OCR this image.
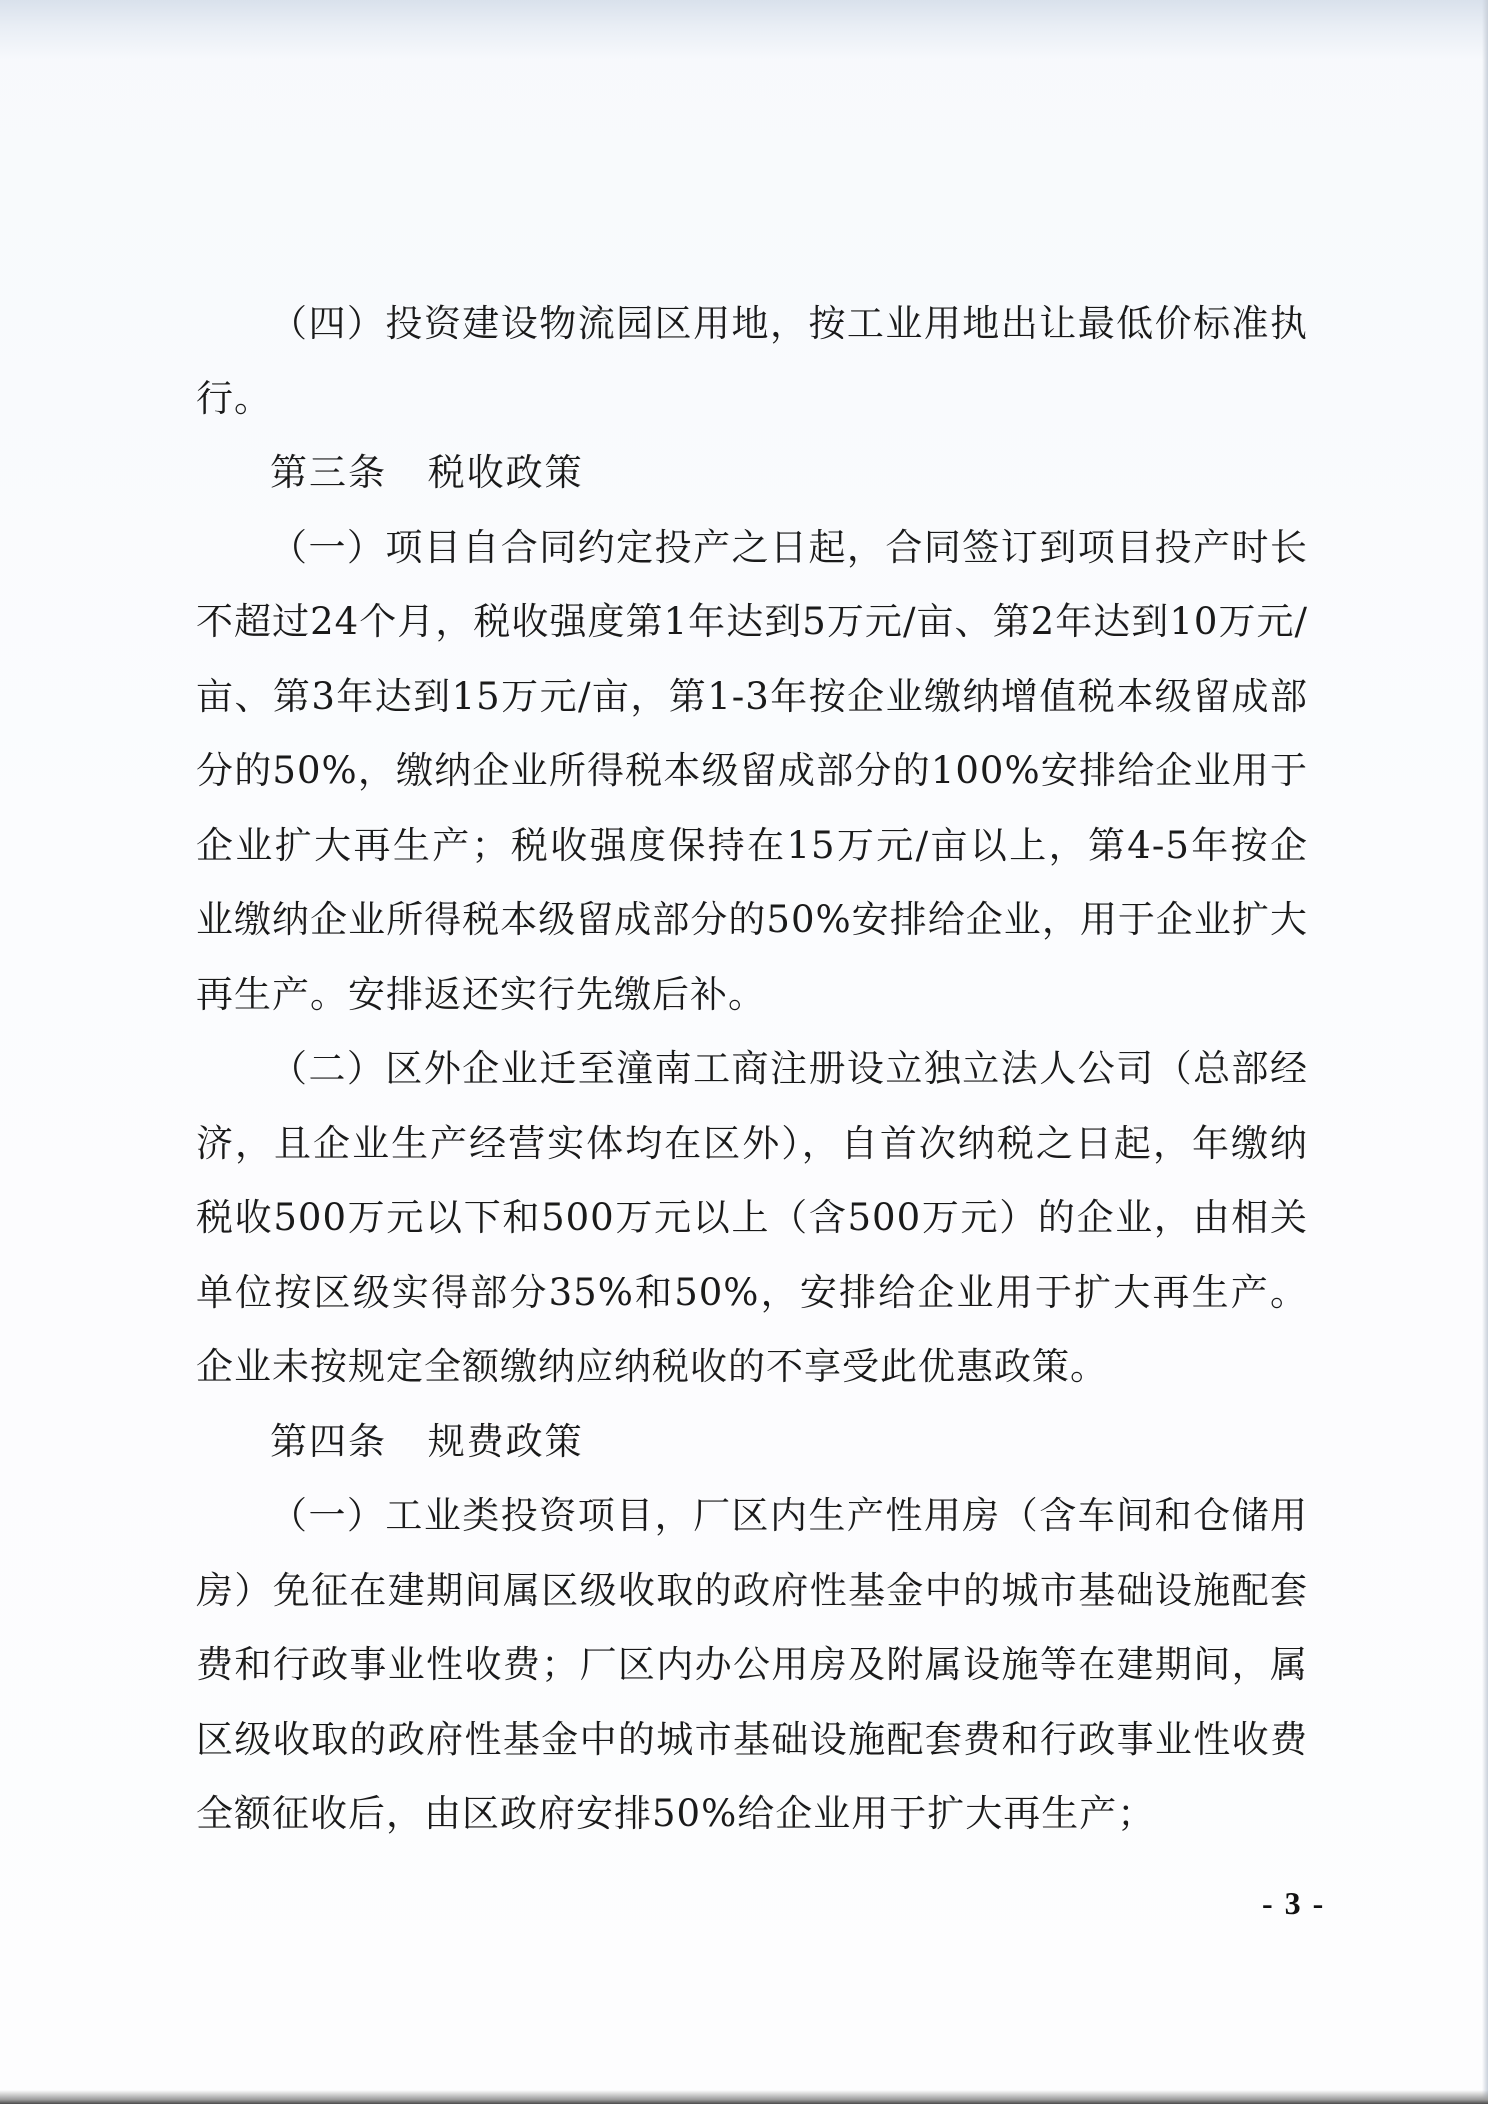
（四）投资建设物流园区用地，按工业用地出让最低价标准执行。

第三条 税收政策

（一）项目自合同约定投产之日起，合同签订到项目投产时长不超过24个月，税收强度第1年达到5万元/亩、第2年达到10万元/亩、第3年达到15万元/亩，第1-3年按企业缴纳增值税本级留成部分的50%，缴纳企业所得税本级留成部分的100%安排给企业用于企业扩大再生产；税收强度保持在15万元/亩以上，第4-5年按企业缴纳企业所得税本级留成部分的50%安排给企业，用于企业扩大再生产。安排返还实行先缴后补。

（二）区外企业迁至潼南工商注册设立独立法人公司（总部经济，且企业生产经营实体均在区外），自首次纳税之日起，年缴纳税收500万元以下和500万元以上（含500万元）的企业，由相关单位按区级实得部分35%和50%，安排给企业用于扩大再生产。企业未按规定全额缴纳应纳税收的不享受此优惠政策。

第四条 规费政策

（一）工业类投资项目，厂区内生产性用房（含车间和仓储用房）免征在建期间属区级收取的政府性基金中的城市基础设施配套费和行政事业性收费；厂区内办公用房及附属设施等在建期间，属区级收取的政府性基金中的城市基础设施配套费和行政事业性收费全额征收后，由区政府安排50%给企业用于扩大再生产；

- 3 -
